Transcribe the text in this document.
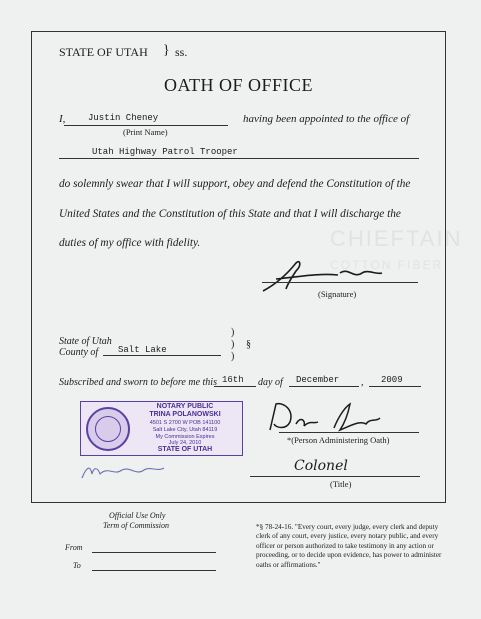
CHIEFTAIN
COTTON FIBER
STATE OF UTAH } ss.
OATH OF OFFICE
I,	Justin Cheney
(Print Name)
having been appointed to the office of
Utah Highway Patrol Trooper
do solemnly swear that I will support, obey and defend the Constitution of the
United States and the Constitution of this State and that I will discharge the
duties of my office with fidelity.
(Signature)
State of Utah
County of Salt Lake
)
)
)
§
Subscribed and sworn to before me this 16th day of December , 2009
NOTARY PUBLIC
TRINA POLANOWSKI
4501 S 2700 W POB 141100
Salt Lake City, Utah 84119
My Commission Expires
July 24, 2010
STATE OF UTAH
*(Person Administering Oath)
Colonel
(Title)
Official Use Only
Term of Commission
From
To
*§ 78-24-16. "Every court, every judge, every clerk and deputy clerk of any court, every justice, every notary public, and every officer or person authorized to take testimony in any action or proceeding, or to decide upon evidence, has power to administer oaths or affirmations."
